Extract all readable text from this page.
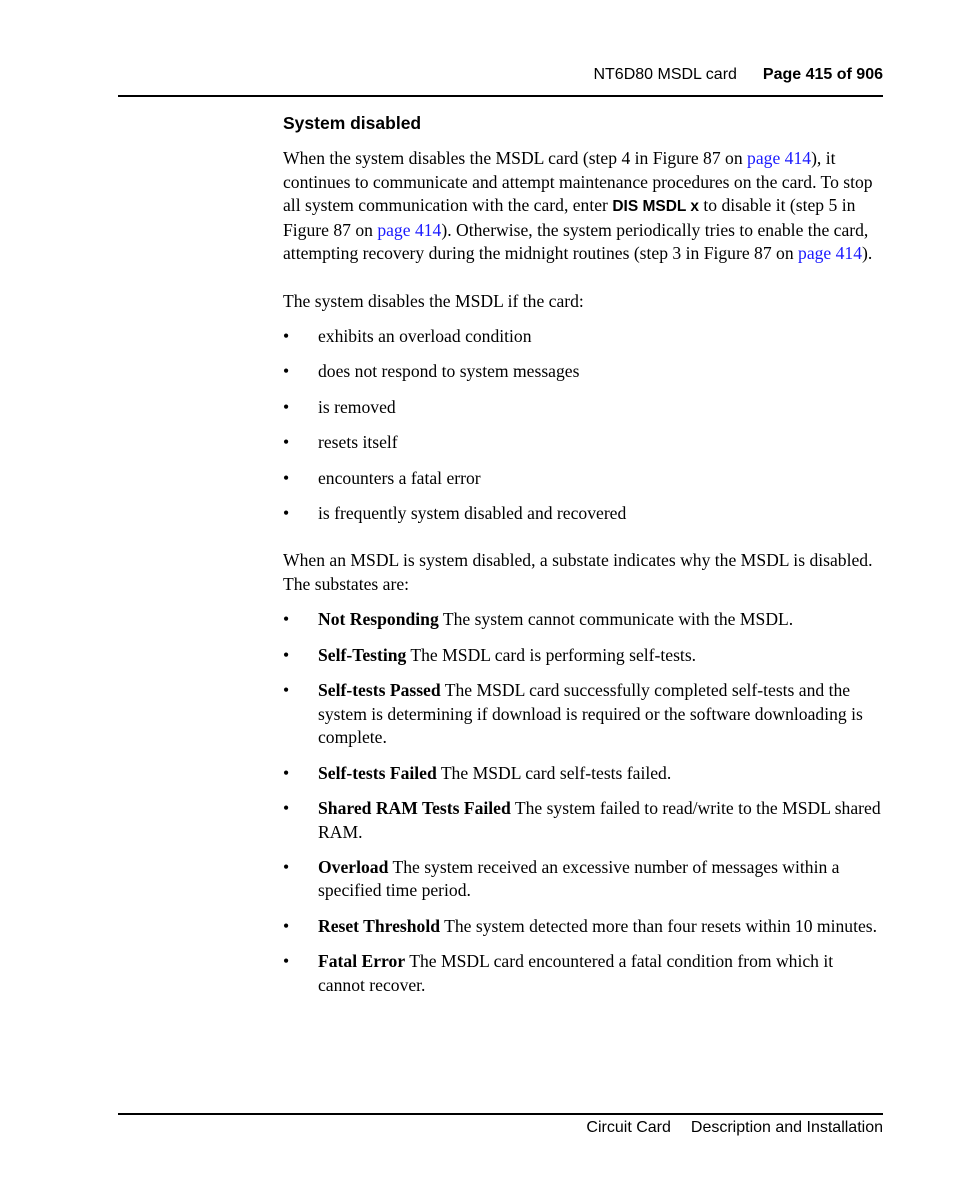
NT6D80 MSDL card Page 415 of 906
System disabled

When the system disables the MSDL card (step 4 in Figure 87 on page 414), it continues to communicate and attempt maintenance procedures on the card. To stop all system communication with the card, enter DIS MSDL x to disable it (step 5 in Figure 87 on page 414). Otherwise, the system periodically tries to enable the card, attempting recovery during the midnight routines (step 3 in Figure 87 on page 414).

The system disables the MSDL if the card:

• exhibits an overload condition
• does not respond to system messages
• is removed
• resets itself
• encounters a fatal error
• is frequently system disabled and recovered

When an MSDL is system disabled, a substate indicates why the MSDL is disabled. The substates are:

• Not Responding The system cannot communicate with the MSDL.
• Self-Testing The MSDL card is performing self-tests.
• Self-tests Passed The MSDL card successfully completed self-tests and the system is determining if download is required or the software downloading is complete.
• Self-tests Failed The MSDL card self-tests failed.
• Shared RAM Tests Failed The system failed to read/write to the MSDL shared RAM.
• Overload The system received an excessive number of messages within a specified time period.
• Reset Threshold The system detected more than four resets within 10 minutes.
• Fatal Error The MSDL card encountered a fatal condition from which it cannot recover.
Circuit Card Description and Installation
